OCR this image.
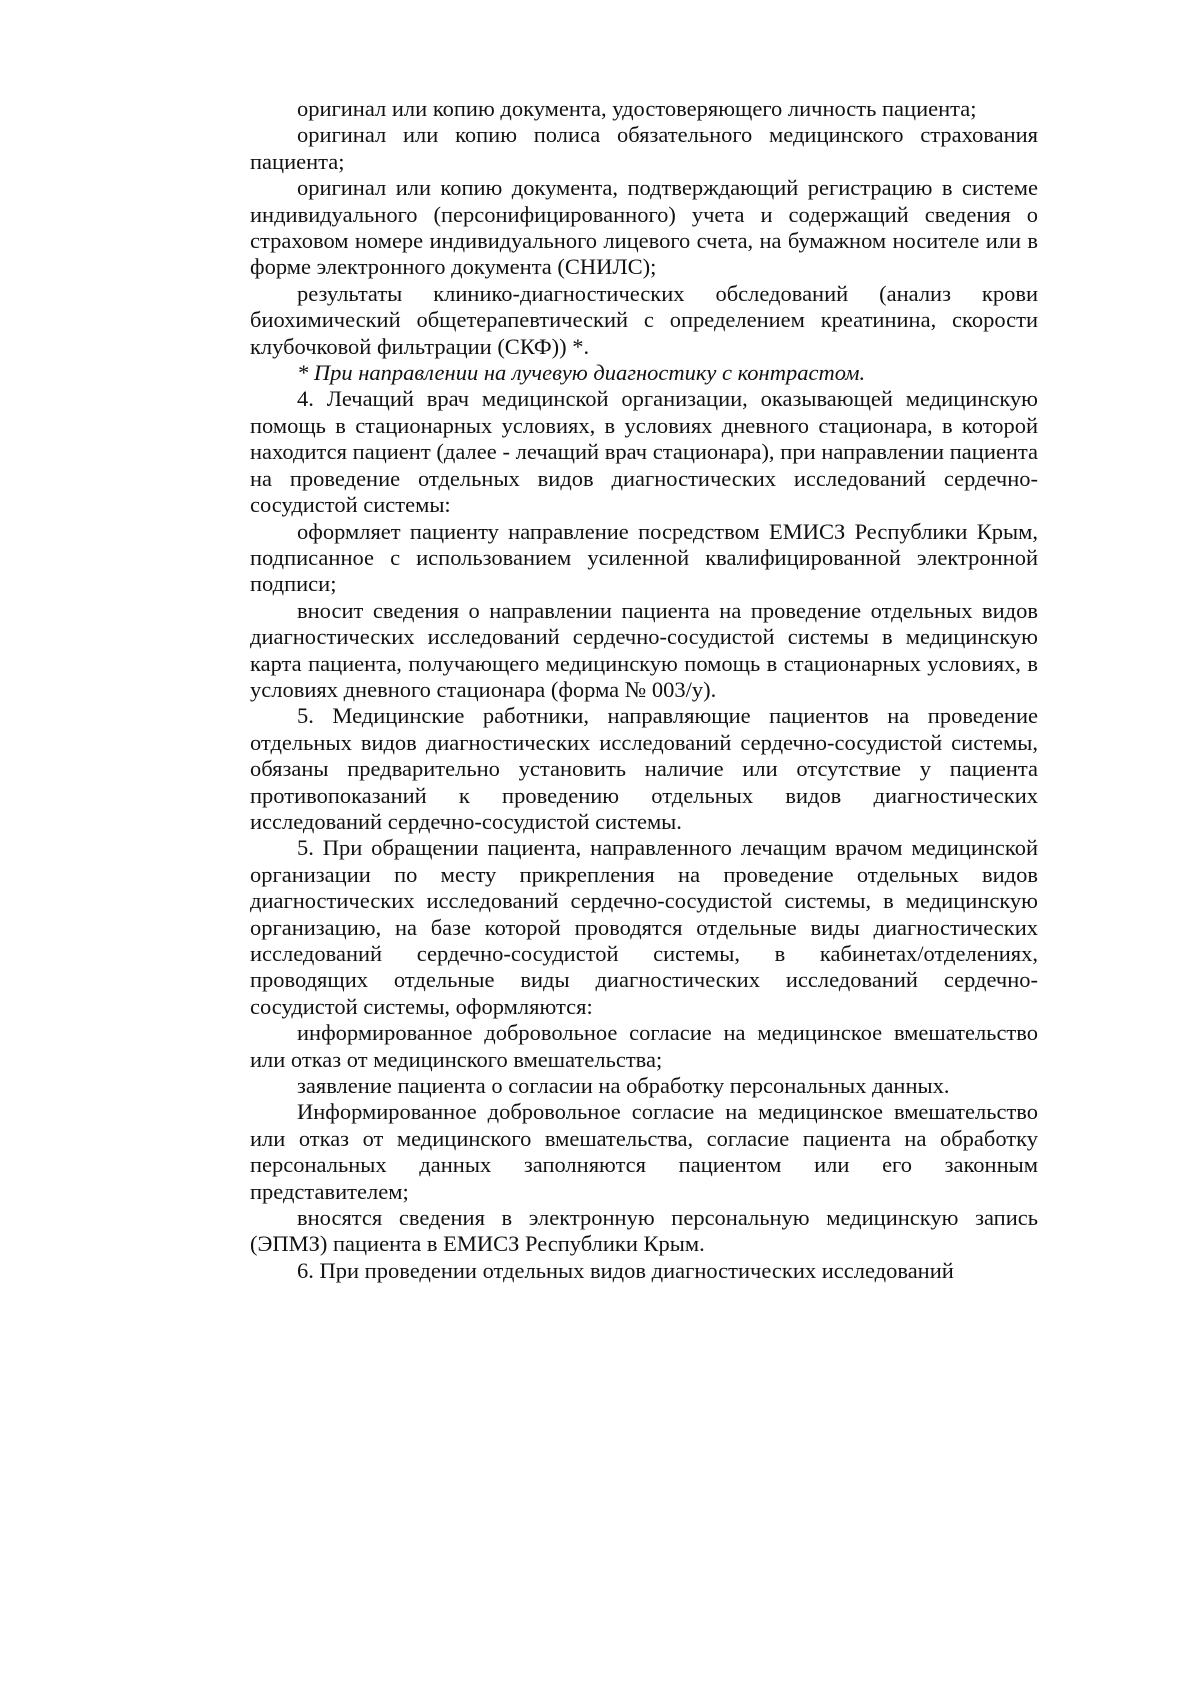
оригинал или копию документа, удостоверяющего личность пациента;

оригинал или копию полиса обязательного медицинского страхования пациента;

оригинал или копию документа, подтверждающий регистрацию в системе индивидуального (персонифицированного) учета и содержащий сведения о страховом номере индивидуального лицевого счета, на бумажном носителе или в форме электронного документа (СНИЛС);

результаты клинико-диагностических обследований (анализ крови биохимический общетерапевтический с определением креатинина, скорости клубочковой фильтрации (СКФ)) *.

* При направлении на лучевую диагностику с контрастом.

4. Лечащий врач медицинской организации, оказывающей медицинскую помощь в стационарных условиях, в условиях дневного стационара, в которой находится пациент (далее - лечащий врач стационара), при направлении пациента на проведение отдельных видов диагностических исследований сердечно-сосудистой системы:

оформляет пациенту направление посредством ЕМИСЗ Республики Крым, подписанное с использованием усиленной квалифицированной электронной подписи;

вносит сведения о направлении пациента на проведение отдельных видов диагностических исследований сердечно-сосудистой системы в медицинскую карта пациента, получающего медицинскую помощь в стационарных условиях, в условиях дневного стационара (форма № 003/у).

5. Медицинские работники, направляющие пациентов на проведение отдельных видов диагностических исследований сердечно-сосудистой системы, обязаны предварительно установить наличие или отсутствие у пациента противопоказаний к проведению отдельных видов диагностических исследований сердечно-сосудистой системы.

5. При обращении пациента, направленного лечащим врачом медицинской организации по месту прикрепления на проведение отдельных видов диагностических исследований сердечно-сосудистой системы, в медицинскую организацию, на базе которой проводятся отдельные виды диагностических исследований сердечно-сосудистой системы, в кабинетах/отделениях, проводящих отдельные виды диагностических исследований сердечно-сосудистой системы, оформляются:

информированное добровольное согласие на медицинское вмешательство или отказ от медицинского вмешательства;

заявление пациента о согласии на обработку персональных данных.

Информированное добровольное согласие на медицинское вмешательство или отказ от медицинского вмешательства, согласие пациента на обработку персональных данных заполняются пациентом или его законным представителем;

вносятся сведения в электронную персональную медицинскую запись (ЭПМЗ) пациента в ЕМИСЗ Республики Крым.

6. При проведении отдельных видов диагностических исследований
